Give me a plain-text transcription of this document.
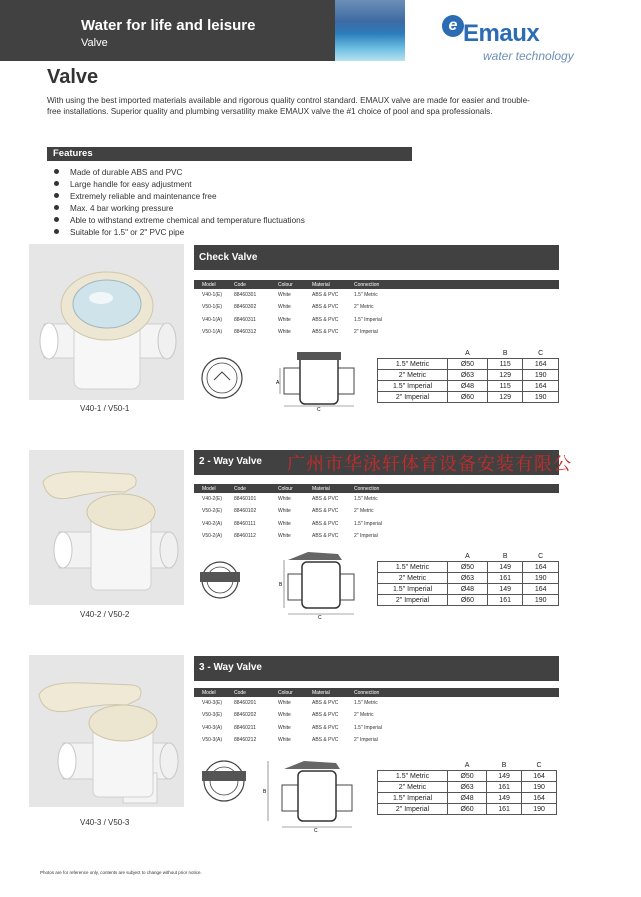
Water for life and leisure
Valve
e Emaux
water technology
Valve
With using the best imported materials available and rigorous quality control standard. EMAUX valve are made for easier and trouble-free installations. Superior quality and plumbing versatility make EMAUX valve the #1 choice of pool and spa professionals.
Features
Made of durable ABS and PVC
Large handle for easy adjustment
Extremely reliable and maintenance free
Max. 4 bar working pressure
Able to withstand extreme chemical and temperature fluctuations
Suitable for 1.5" or 2" PVC pipe
V40-1 / V50-1
Check Valve
Model	Code	Colour	Material	Connection
V40-1(E)	88460301	White	ABS & PVC	1.5" Metric
V50-1(E)	88460302	White	ABS & PVC	2" Metric
V40-1(A)	88460311	White	ABS & PVC	1.5" Imperial
V50-1(A)	88460312	White	ABS & PVC	2" Imperial
	A	B	C
1.5" Metric	Ø50	115	164
2" Metric	Ø63	129	190
1.5" Imperial	Ø48	115	164
2" Imperial	Ø60	129	190
A
C
V40-2 / V50-2
2 - Way Valve
Model	Code	Colour	Material	Connection
V40-2(E)	88460101	White	ABS & PVC	1.5" Metric
V50-2(E)	88460102	White	ABS & PVC	2" Metric
V40-2(A)	88460111	White	ABS & PVC	1.5" Imperial
V50-2(A)	88460112	White	ABS & PVC	2" Imperial
	A	B	C
1.5" Metric	Ø50	149	164
2" Metric	Ø63	161	190
1.5" Imperial	Ø48	149	164
2" Imperial	Ø60	161	190
B
C
V40-3 / V50-3
3 - Way Valve
Model	Code	Colour	Material	Connection
V40-3(E)	88460201	White	ABS & PVC	1.5" Metric
V50-3(E)	88460202	White	ABS & PVC	2" Metric
V40-3(A)	88460211	White	ABS & PVC	1.5" Imperial
V50-3(A)	88460212	White	ABS & PVC	2" Imperial
	A	B	C
1.5" Metric	Ø50	149	164
2" Metric	Ø63	161	190
1.5" Imperial	Ø48	149	164
2" Imperial	Ø60	161	190
B
C
广州市华泳轩体育设备安装有限公
Photos are for reference only, contents are subject to change without prior notice.
